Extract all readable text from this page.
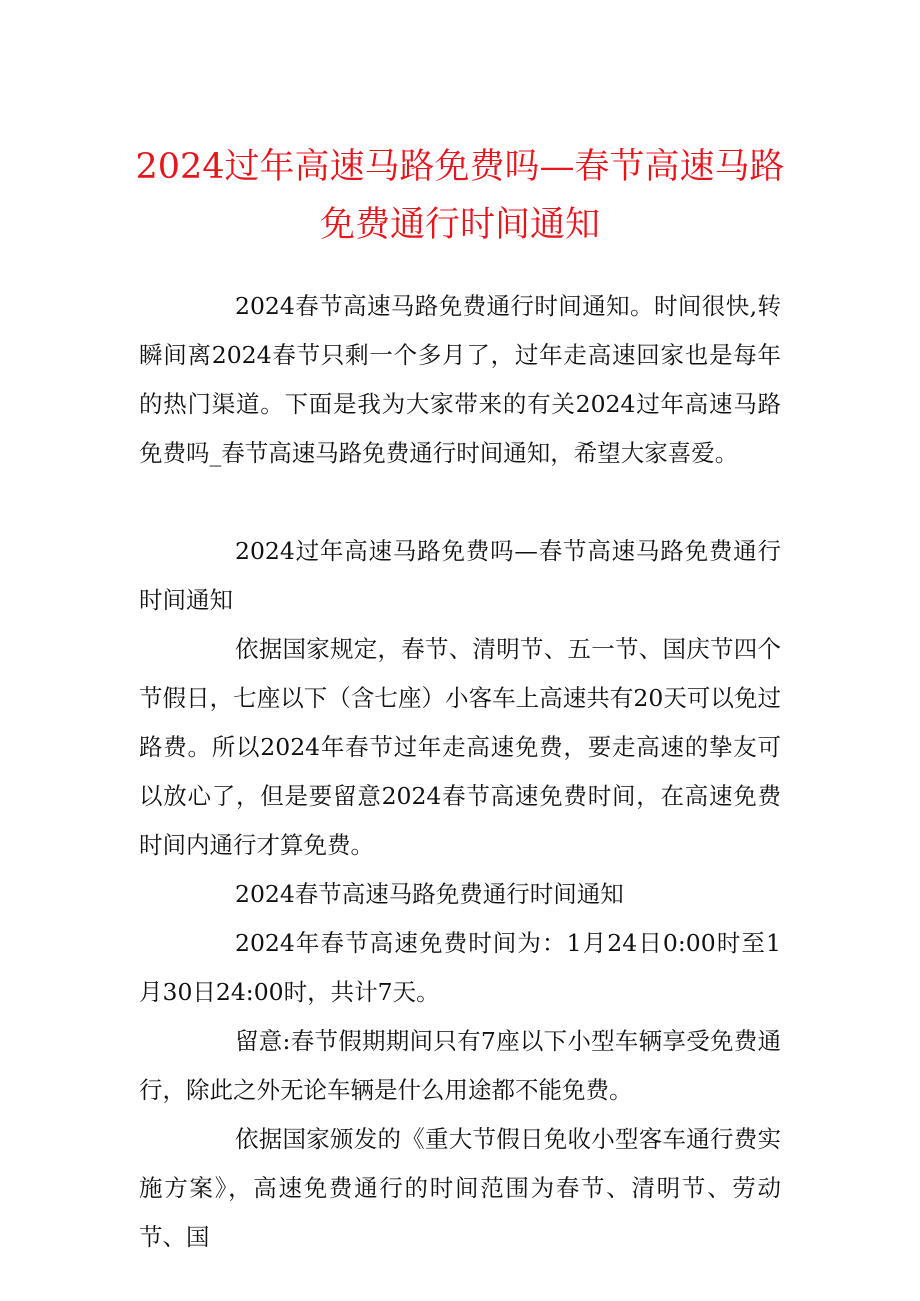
2024过年高速马路免费吗—春节高速马路免费通行时间通知

2024春节高速马路免费通行时间通知。时间很快,转瞬间离2024春节只剩一个多月了，过年走高速回家也是每年的热门渠道。下面是我为大家带来的有关2024过年高速马路免费吗_春节高速马路免费通行时间通知，希望大家喜爱。

2024过年高速马路免费吗—春节高速马路免费通行时间通知

依据国家规定，春节、清明节、五一节、国庆节四个节假日，七座以下（含七座）小客车上高速共有20天可以免过路费。所以2024年春节过年走高速免费，要走高速的挚友可以放心了，但是要留意2024春节高速免费时间，在高速免费时间内通行才算免费。

2024春节高速马路免费通行时间通知

2024年春节高速免费时间为：1月24日0:00时至1月30日24:00时，共计7天。

留意:春节假期期间只有7座以下小型车辆享受免费通行，除此之外无论车辆是什么用途都不能免费。

依据国家颁发的《重大节假日免收小型客车通行费实施方案》，高速免费通行的时间范围为春节、清明节、劳动节、国
